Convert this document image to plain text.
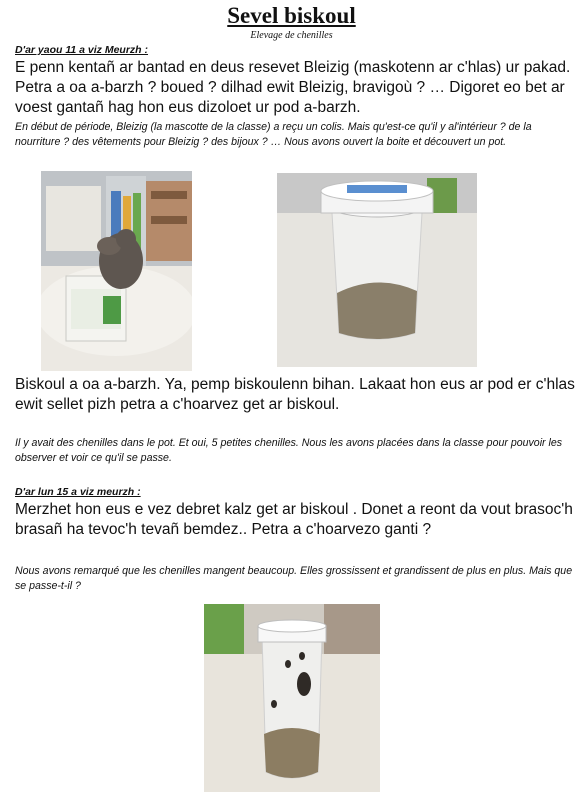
Sevel biskoul
Elevage de chenilles
D'ar yaou 11 a viz Meurzh :

E penn kentañ ar bantad en deus resevet Bleizig (maskotenn ar c'hlas) ur pakad. Petra a oa a-barzh ? boued ? dilhad ewit Bleizig, bravigoù ? … Digoret eo bet ar voest gantañ hag hon eus dizoloet ur pod a-barzh.

En début de période, Bleizig (la mascotte de la classe) a reçu un colis. Mais qu'est-ce qu'il y al'intérieur ? de la nourriture ? des vêtements pour Bleizig ? des bijoux ? … Nous avons ouvert la boite et découvert un pot.

Biskoul a oa a-barzh. Ya, pemp biskoulenn bihan. Lakaat hon eus ar pod er c'hlas ewit sellet pizh petra a c'hoarvez get ar biskoul.

Il y avait des chenilles dans le pot. Et oui, 5 petites chenilles. Nous les avons placées dans la classe pour pouvoir les observer et voir ce qu'il se passe.

D'ar lun 15 a viz meurzh :

Merzhet hon eus e vez debret kalz get ar biskoul . Donet a reont da vout brasoc'h brasañ ha tevoc'h tevañ bemdez.. Petra a c'hoarvezo ganti ?

Nous avons remarqué que les chenilles mangent beaucoup. Elles grossissent et grandissent de plus en plus. Mais que se passe-t-il ?
